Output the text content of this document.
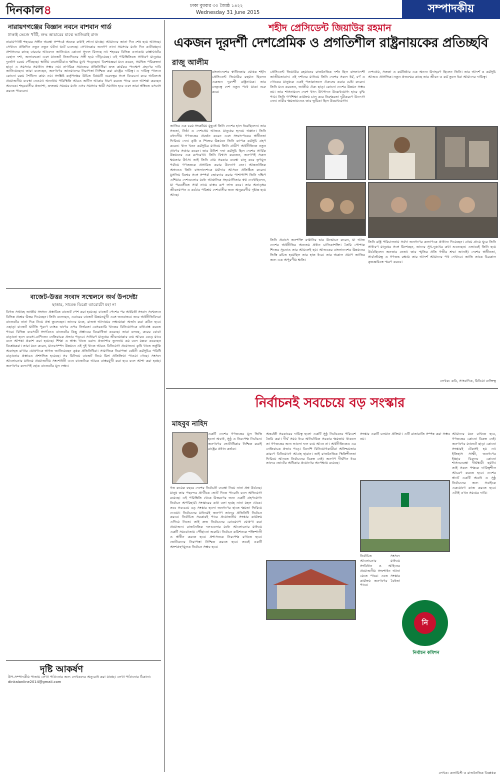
দিনকাল৪	ঢাকা বুধবার ৩০ জ্যৈষ্ঠ ১৪২২
Wednesday 31 June 2015	সম্পাদকীয়
নারায়ণগঞ্জের বিজ্ঞান নবনে বাশবান গার্ড
ঢাকাই ভেজে খাঁটি, শুদ্ধ আচারের মাঝে ভাজিরাই রাজ
নারায়ণগঞ্জ শহরের সঙ্গীন অবস্থা সম্পর্কে অনেক কথাই শোনা যাচ্ছে। আমাদের জানা দিন শেষ হয়ে আসছে। সেখানে প্রতিদিন নতুন নতুন ঘটনা ঘটে চলেছে। সেখানকার জনগণ নানা সমস্যার মধ্যে দিন কাটাচ্ছেন। প্রশাসনের কাছে বারবার আবেদন জানিয়েও কোনো সুফল মিলছে না। শহরের বিভিন্ন এলাকায় রাস্তাঘাটের বেহাল দশা, জলাবদ্ধতা এবং যানজট নিত্যদিনের সঙ্গী হয়ে দাঁড়িয়েছে। এই পরিস্থিতিতে সাধারণ মানুষের দুর্ভোগ চরমে পৌঁছেছে। স্থানীয় ব্যবসায়ীরাও ক্ষতির মুখে পড়েছেন। বিশেষজ্ঞরা মনে করেন, সমন্বিত পরিকল্পনা ছাড়া এ সমস্যার সমাধান সম্ভব নয়। নাগরিক সমাজের প্রতিনিধিরা দ্রুত কার্যকর পদক্ষেপ গ্রহণের দাবি জানিয়েছেন। তারা বলেছেন, জনগণের জানমালের নিরাপত্তা নিশ্চিত করা রাষ্ট্রের দায়িত্ব। এ দায়িত্ব পালনে কোনো রকম শৈথিল্য কাম্য নয়। সংশ্লিষ্ট কর্তৃপক্ষের উচিত বিষয়টি গুরুত্বের সঙ্গে বিবেচনা করে অবিলম্বে প্রয়োজনীয় ব্যবস্থা নেওয়া। অন্যথায় পরিস্থিতি আরও জটিল আকার ধারণ করতে পারে বলে আশঙ্কা করছেন অনেকে। শহরবাসীর প্রত্যাশা, দ্রুততম সময়ের মধ্যে এসব সমস্যার স্থায়ী সমাধান হবে এবং তারা স্বস্তিতে বসবাস করতে পারবেন।
বাজেট-উত্তর সংবাদ সম্মেলনে অর্থ উপদেষ্টা
ছাত্তার, সাবেক ডিপ্লো ব্যারোটো মহা না
বিগত সপ্তাহে জাতীয় সংসদে প্রস্তাবিত বাজেট পেশ করা হয়েছে। বাজেট পেশের পর অর্থমন্ত্রী সংবাদ সম্মেলনে বিভিন্ন প্রশ্নের উত্তর দিয়েছেন। তিনি বলেছেন, এবারের বাজেট উন্নয়নমুখী এবং জনবান্ধব। তবে অর্থনীতিবিদরা বাজেটের নানা দিক নিয়ে প্রশ্ন তুলেছেন। তাদের মতে, রাজস্ব আদায়ের লক্ষ্যমাত্রা অর্জন করা কঠিন হবে। এছাড়া বাজেট ঘাটতি পূরণে ব্যাংক ঋণের ওপর নির্ভরতা বেসরকারি খাতের বিনিয়োগকে বাধাগ্রস্ত করতে পারে। বিভিন্ন ব্যবসায়ী সংগঠনও বাজেটের কিছু প্রস্তাবের বিরোধিতা করেছে। তারা বলছে, করের বোঝা বাড়ানো হলে ব্যবসা-বাণিজ্যে নেতিবাচক প্রভাব পড়বে। সাধারণ মানুষের জীবনযাত্রার ব্যয় আরও বেড়ে যাবে বলে আশঙ্কা প্রকাশ করা হয়েছে। শিক্ষা ও স্বাস্থ্য খাতে বরাদ্দ প্রত্যাশার তুলনায় কম বলে মন্তব্য করেছেন বিশ্লেষকরা। তারা মনে করেন, মানবসম্পদ উন্নয়নে এই দুই খাতে আরও বিনিয়োগ প্রয়োজন। কৃষি খাতে ভর্তুকি অব্যাহত রাখার ঘোষণাকে স্বাগত জানিয়েছেন কৃষক প্রতিনিধিরা। সামাজিক নিরাপত্তা বেষ্টনী কর্মসূচির পরিধি বাড়ানোর প্রস্তাবও প্রশংসিত হয়েছে। সব মিলিয়ে বাজেট নিয়ে মিশ্র প্রতিক্রিয়া পাওয়া গেছে। সংসদে আলোচনার মাধ্যমে প্রয়োজনীয় সংশোধনী এনে বাজেটকে আরও বাস্তবমুখী করা হবে বলে আশা করা হচ্ছে। জনগণের কল্যাণই হোক বাজেটের মূল লক্ষ্য।
দৃষ্টি আকর্ষণ
উপ-সম্পাদকীয় পাতায় লেখা পাঠানোর জন্য লেখকদের অনুরোধ করা যাচ্ছে। লেখা পাঠানোর ঠিকানা: dinkalonline2014@gmail.com
শহীদ প্রেসিডেন্ট জিয়াউর রহমান
একজন দূরদর্শী দেশপ্রেমিক ও প্রগতিশীল রাষ্ট্রনায়কের প্রতিচ্ছবি
রাজু আলীম
বাংলাদেশের স্বাধীনতার ঘোষক শহীদ প্রেসিডেন্ট জিয়াউর রহমান ছিলেন একজন দূরদর্শী রাষ্ট্রনায়ক। তার নেতৃত্বে দেশ নতুন পথে যাত্রা শুরু করে।
জাতির এক চরম সংকটময় মুহূর্তে তিনি দেশের হাল ধরেছিলেন। তার সততা, নিষ্ঠা ও দেশপ্রেম আজও মানুষের হৃদয়ে অম্লান। তিনি বহুদলীয় গণতন্ত্রের প্রবর্তন করেন এবং সংবাদপত্রের স্বাধীনতা ফিরিয়ে দেন। কৃষি ও শিল্পের উন্নয়নে তিনি ব্যাপক কর্মসূচি গ্রহণ করেন। খাল খনন কর্মসূচির মাধ্যমে তিনি গ্রামীণ অর্থনীতিতে নতুন প্রাণের সঞ্চার করেন। তার উনিশ দফা কর্মসূচি ছিল দেশের সার্বিক উন্নয়নের এক রূপরেখা। তিনি বিশ্বাস করতেন, জনগণই সকল ক্ষমতার উৎস। তাই তিনি গ্রাম সরকার ব্যবস্থা চালু করে তৃণমূল পর্যায়ে গণতন্ত্রকে প্রসারিত করার উদ্যোগ নেন। আন্তর্জাতিক অঙ্গনেও তিনি বাংলাদেশকে মর্যাদার আসনে প্রতিষ্ঠিত করেন। মুসলিম বিশ্বের সঙ্গে সম্পর্ক জোরদার করার পাশাপাশি তিনি দক্ষিণ এশিয়ার দেশগুলোর মধ্যে আঞ্চলিক সহযোগিতার স্বপ্ন দেখেছিলেন, যা পরবর্তীতে সার্ক নামে বাস্তব রূপ লাভ করে। তার অনাড়ম্বর জীবনযাপন ও কঠোর পরিশ্রম দেশবাসীর জন্য অনুকরণীয় দৃষ্টান্ত হয়ে আছে।
প্রেসিডেন্ট জিয়াউর রহমানের রাজনৈতিক দর্শন ছিল বাংলাদেশী জাতীয়তাবাদ। এই দর্শনের মাধ্যমে তিনি দেশের সকল ধর্ম, বর্ণ ও গোত্রের মানুষকে একই পতাকাতলে ঐক্যবদ্ধ করার চেষ্টা করেন। তিনি মনে করতেন, জাতীয় ঐক্য ছাড়া কোনো দেশের উন্নয়ন সম্ভব নয়। তার শাসনামলে দেশে খাদ্য উৎপাদন উল্লেখযোগ্য হারে বৃদ্ধি পায়। তিনি গণশিক্ষা কার্যক্রম চালু করে নিরক্ষরতা দূরীকরণে উদ্যোগ নেন। নারীর ক্ষমতায়নেও তার ভূমিকা ছিল উল্লেখযোগ্য।
দেশপ্রেম, সততা ও কর্মনিষ্ঠার এক অনন্য উদাহরণ ছিলেন তিনি। তার আদর্শ ও কর্মসূচি আজও প্রাসঙ্গিক। নতুন প্রজন্মের কাছে তার জীবন ও কর্ম তুলে ধরা আমাদের দায়িত্ব।
তিনি প্রবাসে জনশক্তি রপ্তানির দ্বার উন্মোচন করেন, যা আজ দেশের অর্থনীতির অন্যতম প্রধান চালিকাশক্তি। তৈরি পোশাক শিল্পের সূচনাও তার আমলেই হয়। আজকের বাংলাদেশের উন্নয়নের ভিত্তি রচিত হয়েছিল তার হাত ধরে। তার অকাল প্রয়াণ জাতির জন্য এক অপূরণীয় ক্ষতি।
তিনি রাষ্ট্র পরিচালনায় সর্বদা জনগণের কল্যাণকে প্রাধান্য দিয়েছেন। গ্রামে গ্রামে ঘুরে তিনি সাধারণ মানুষের সঙ্গে মিশেছেন, তাদের সুখ-দুঃখের কথা শুনেছেন। এভাবেই তিনি হয়ে উঠেছিলেন জনতার নেতা। তার স্মৃতির প্রতি গভীর শ্রদ্ধা জানাই। দেশের স্বাধীনতা, সার্বভৌমত্ব ও গণতন্ত্র রক্ষায় তার আদর্শ আমাদের পথ দেখাবে। জাতি তাকে চিরকাল কৃতজ্ঞচিত্তে স্মরণ করবে।
লেখক: কবি, সাংবাদিক, মিডিয়া ব্যক্তিত্ব
নির্বাচনই সবচেয়ে বড় সংস্কার
মাহবুব নাহিদ
একটি দেশের গণতন্ত্রের মূল ভিত্তি হলো অবাধ, সুষ্ঠু ও নিরপেক্ষ নির্বাচন। জনগণের ভোটাধিকার নিশ্চিত করাই রাষ্ট্রের প্রধান কর্তব্য।
গত কয়েক বছরে দেশের নির্বাচনী ব্যবস্থা নিয়ে নানা প্রশ্ন উঠেছে। মানুষ তার পছন্দের প্রার্থীকে ভোট দিতে পারেনি বলে অভিযোগ রয়েছে। এই পরিস্থিতি থেকে উত্তরণের জন্য একটি গ্রহণযোগ্য নির্বাচন অপরিহার্য। সংস্কারের কথা বলা হচ্ছে নানা মহল থেকে। তবে সবচেয়ে বড় সংস্কার হলো জনগণের হাতে ক্ষমতা ফিরিয়ে দেওয়া। নির্বাচনের মাধ্যমেই জনগণ তাদের প্রতিনিধি নির্বাচন করবে। নির্বাচিত সরকারই পারে প্রয়োজনীয় সংস্কার কার্যক্রম এগিয়ে নিতে। তাই দ্রুত নির্বাচনের রোডম্যাপ ঘোষণা করা প্রয়োজন। রাজনৈতিক দলগুলোর মধ্যে আলোচনার মাধ্যমে একটি সমঝোতায় পৌঁছানো জরুরি। নির্বাচন কমিশনকে শক্তিশালী ও স্বাধীন করতে হবে। প্রশাসনকে নিরপেক্ষ রাখতে হবে। ভোটারদের নিরাপত্তা নিশ্চিত করতে হবে। তবেই একটি অংশগ্রহণমূলক নির্বাচন সম্ভব হবে।
অন্তর্বর্তী সরকারের দায়িত্ব হলো একটি সুষ্ঠু নির্বাচনের পরিবেশ তৈরি করা। দীর্ঘ সময় ধরে অনির্বাচিত সরকার ক্ষমতায় থাকলে তা গণতন্ত্রের জন্য ভালো ফল বয়ে আনে না। অর্থনীতিতেও এর নেতিবাচক প্রভাব পড়ে। বিদেশি বিনিয়োগকারীরা অনিশ্চয়তার কারণে বিনিয়োগে আগ্রহ হারান। তাই রাজনৈতিক স্থিতিশীলতা ফিরিয়ে আনতে নির্বাচনের বিকল্প নেই। জনগণ দীর্ঘদিন ধরে তাদের ভোটের অধিকার প্রয়োগের অপেক্ষায় রয়েছে।
সংস্কার একটি চলমান প্রক্রিয়া। এটি রাতারাতি সম্পন্ন করা সম্ভব নয়।
নি
নির্বাচন কমিশন
নির্বাচিত সংসদে আলোচনার মাধ্যমে সংবিধান ও আইনের প্রয়োজনীয় সংশোধন আনা যেতে পারে। এতে সংস্কার কার্যক্রম জনগণের বৈধতা পাবে।
আমাদের মনে রাখতে হবে, গণতন্ত্রের কোনো বিকল্প নেই। জনগণের ম্যান্ডেট ছাড়া কোনো সংস্কারই টেকসই হয় না। ইতিহাস সাক্ষী, জনগণের ইচ্ছার বিরুদ্ধে কোনো শাসনব্যবস্থা দীর্ঘস্থায়ী হয়নি। তাই সকল পক্ষকে দায়িত্বশীল আচরণ করতে হবে। দেশের স্বার্থে একটি অবাধ ও সুষ্ঠু নির্বাচনের জন্য সবাইকে একযোগে কাজ করতে হবে। এটাই এখন সময়ের দাবি।
লেখক: কলামিস্ট ও রাজনৈতিক বিশ্লেষক
